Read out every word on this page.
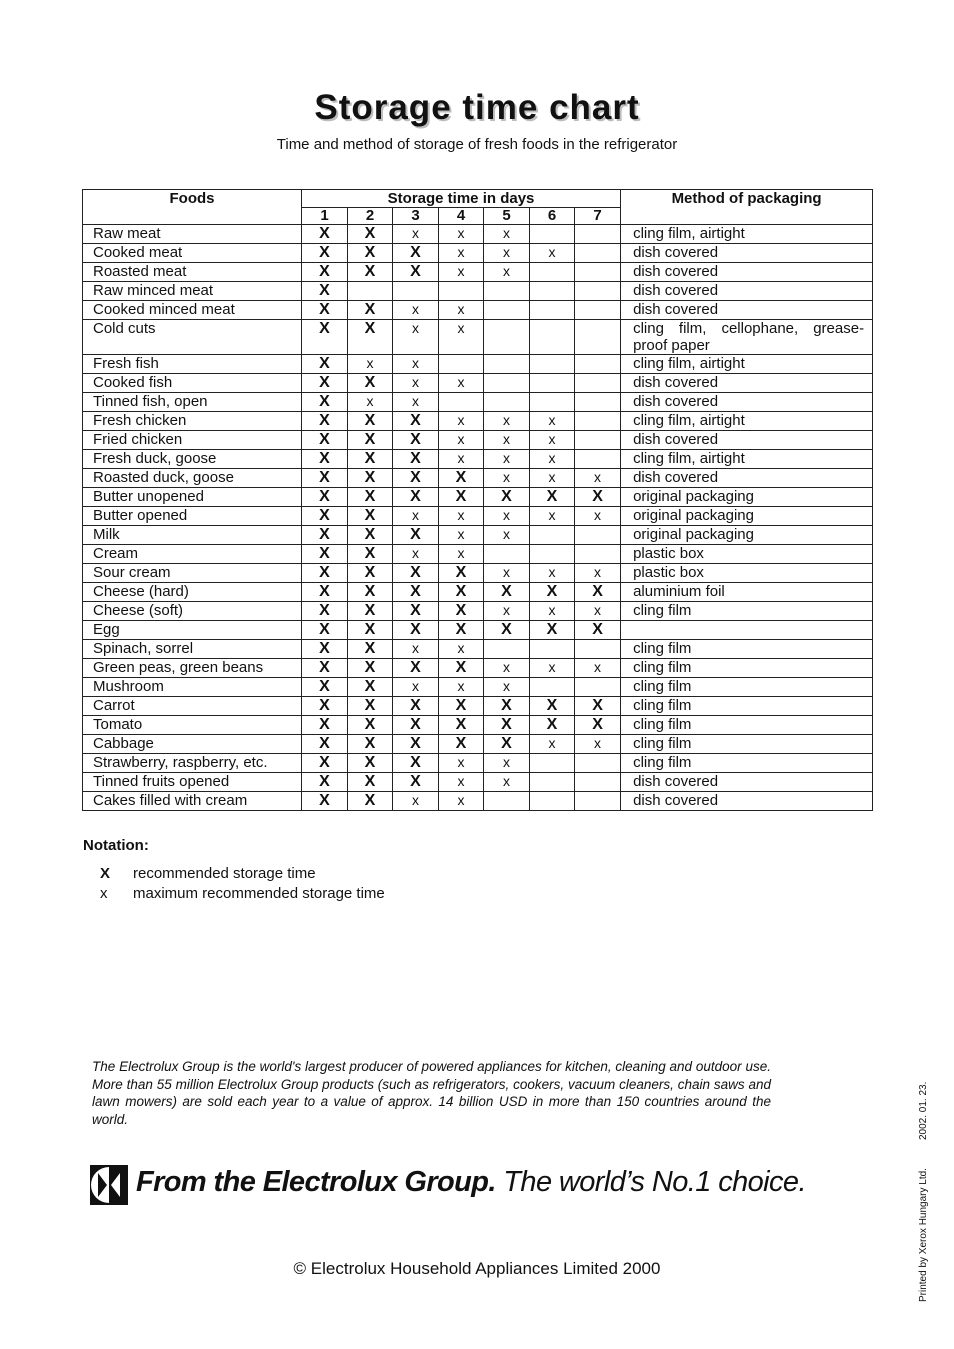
Storage time chart
Time and method of storage of fresh foods in the refrigerator
Foods	Storage time in days							Method of packaging
	1	2	3	4	5	6	7	
Raw meat	X	X	x	x	x			cling film, airtight
Cooked meat	X	X	X	x	x	x		dish covered
Roasted meat	X	X	X	x	x			dish covered
Raw minced meat	X							dish covered
Cooked minced meat	X	X	x	x				dish covered
Cold cuts	X	X	x	x				cling film, cellophane, grease-proof paper
Fresh fish	X	x	x					cling film, airtight
Cooked fish	X	X	x	x				dish covered
Tinned fish, open	X	x	x					dish covered
Fresh chicken	X	X	X	x	x	x		cling film, airtight
Fried chicken	X	X	X	x	x	x		dish covered
Fresh duck, goose	X	X	X	x	x	x		cling film, airtight
Roasted duck, goose	X	X	X	X	x	x	x	dish covered
Butter unopened	X	X	X	X	X	X	X	original packaging
Butter opened	X	X	x	x	x	x	x	original packaging
Milk	X	X	X	x	x			original packaging
Cream	X	X	x	x				plastic box
Sour cream	X	X	X	X	x	x	x	plastic box
Cheese (hard)	X	X	X	X	X	X	X	aluminium foil
Cheese (soft)	X	X	X	X	x	x	x	cling film
Egg	X	X	X	X	X	X	X	
Spinach, sorrel	X	X	x	x				cling film
Green peas, green beans	X	X	X	X	x	x	x	cling film
Mushroom	X	X	x	x	x			cling film
Carrot	X	X	X	X	X	X	X	cling film
Tomato	X	X	X	X	X	X	X	cling film
Cabbage	X	X	X	X	X	x	x	cling film
Strawberry, raspberry, etc.	X	X	X	x	x			cling film
Tinned fruits opened	X	X	X	x	x			dish covered
Cakes filled with cream	X	X	x	x				dish covered
Notation:
X recommended storage time
x maximum recommended storage time
The Electrolux Group is the world's largest producer of powered appliances for kitchen, cleaning and outdoor use. More than 55 million Electrolux Group products (such as refrigerators, cookers, vacuum cleaners, chain saws and lawn mowers) are sold each year to a value of approx. 14 billion USD in more than 150 countries around the world.
From the Electrolux Group. The world’s No.1 choice.
© Electrolux Household Appliances Limited 2000
2002. 01. 23.
Printed by Xerox Hungary Ltd.
